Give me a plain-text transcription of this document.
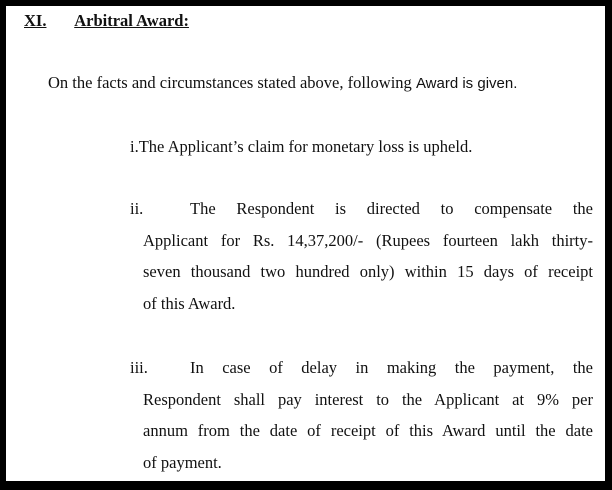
XI. Arbitral Award:
On the facts and circumstances stated above, following Award is given.
i.The Applicant’s claim for monetary loss is upheld.
ii.	The Respondent is directed to compensate the
Applicant for Rs. 14,37,200/- (Rupees fourteen lakh thirty-
seven thousand two hundred only) within 15 days of receipt
of this Award.
iii.	In case of delay in making the payment, the
Respondent shall pay interest to the Applicant at 9% per
annum from the date of receipt of this Award until the date
of payment.
